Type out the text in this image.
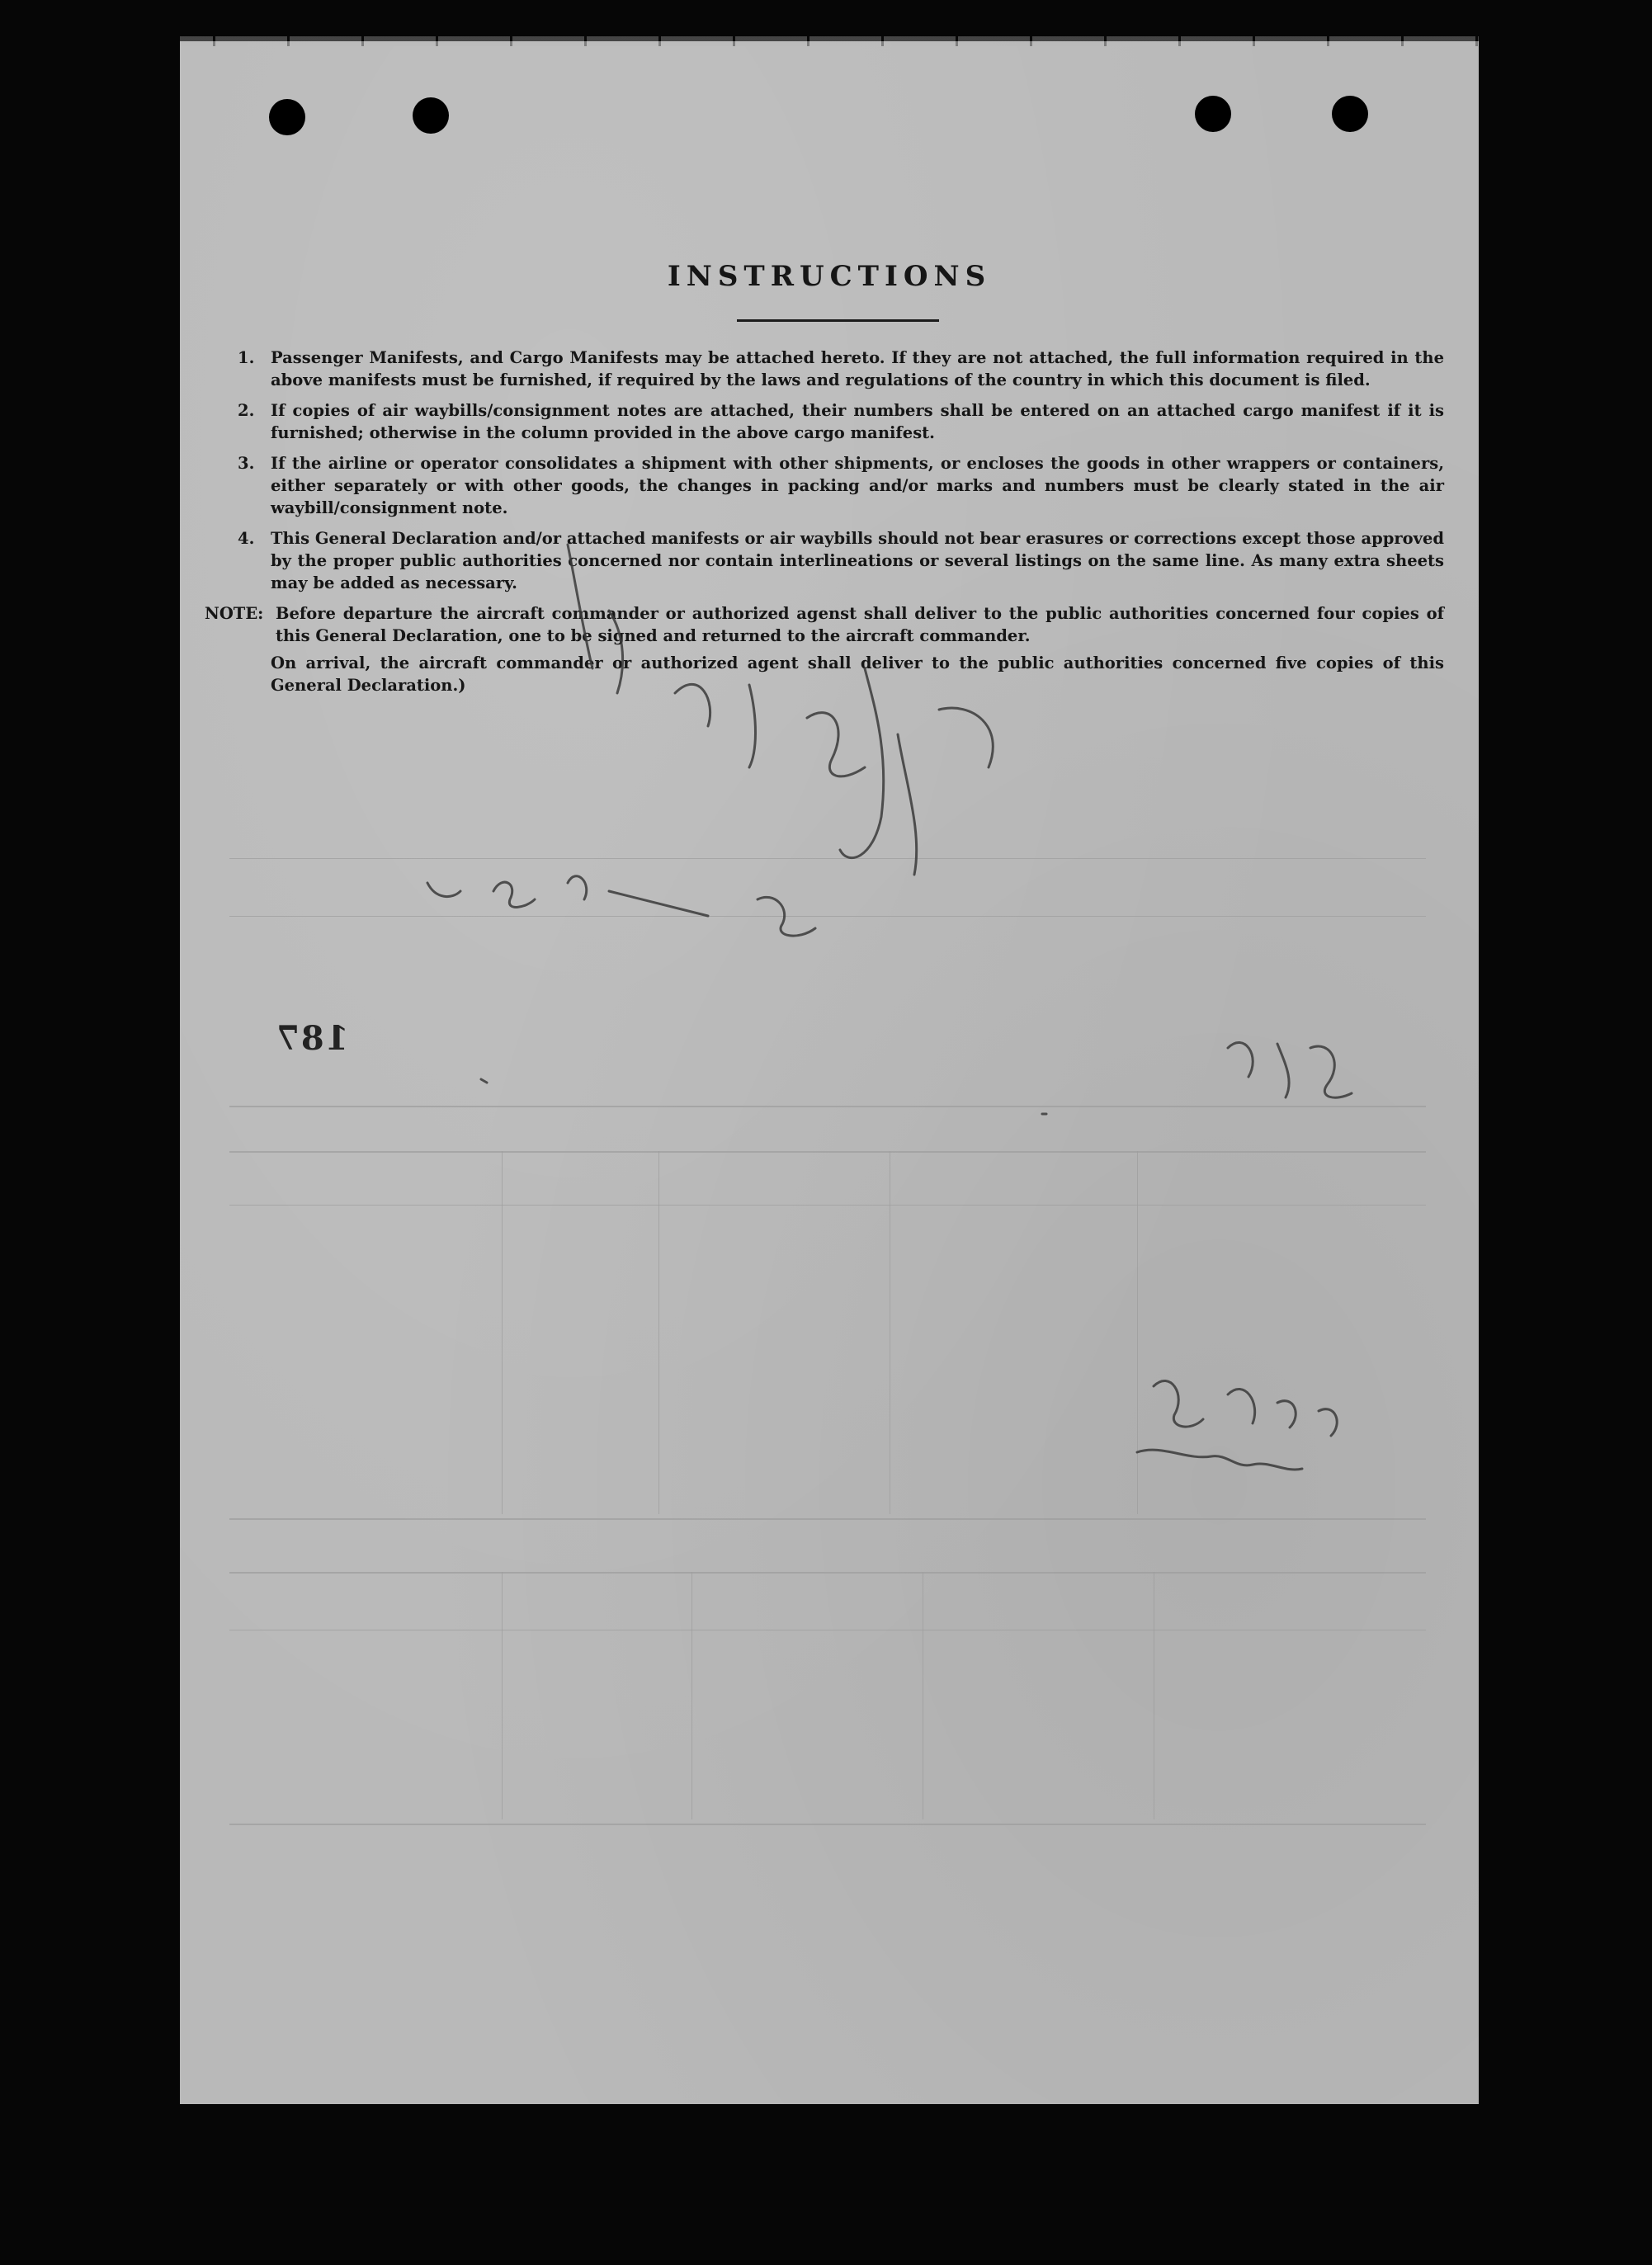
INSTRUCTIONS
1. Passenger Manifests, and Cargo Manifests may be attached hereto. If they are not attached, the full information required in the above manifests must be furnished, if required by the laws and regulations of the country in which this document is filed.
2. If copies of air waybills/consignment notes are attached, their numbers shall be entered on an attached cargo manifest if it is furnished; otherwise in the column provided in the above cargo manifest.
3. If the airline or operator consolidates a shipment with other shipments, or encloses the goods in other wrappers or containers, either separately or with other goods, the changes in packing and/or marks and numbers must be clearly stated in the air waybill/consignment note.
4. This General Declaration and/or attached manifests or air waybills should not bear erasures or corrections except those approved by the proper public authorities concerned nor contain interlineations or several listings on the same line. As many extra sheets may be added as necessary.
NOTE: Before departure the aircraft commander or authorized agenst shall deliver to the public authorities concerned four copies of this General Declaration, one to be signed and returned to the aircraft commander.

On arrival, the aircraft commander or authorized agent shall deliver to the public authorities concerned five copies of this General Declaration.)

187
